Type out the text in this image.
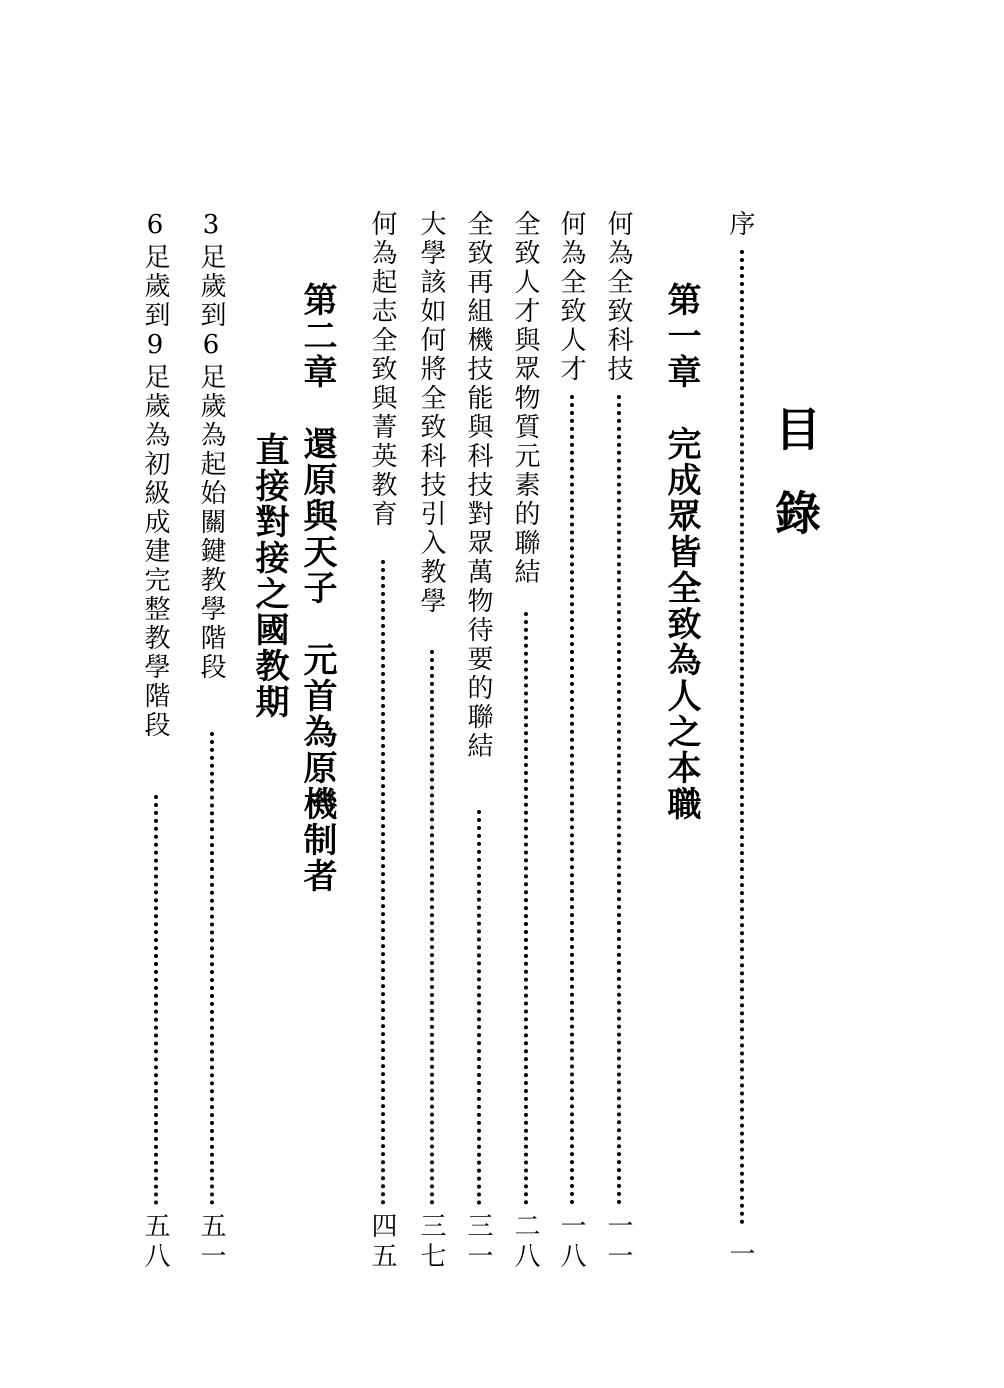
目錄
序
一
第一章完成眾皆全致為人之本職
何為全致科技
一一
何為全致人才
一八
全致人才與眾物質元素的聯結
二八
全致再組機技能與科技對眾萬物待要的聯結
三一
大學該如何將全致科技引入教學
三七
何為起志全致與菁英教育
四五
第二章還原與天子　元首為原機制者
直接對接之國教期
3足歲到6足歲為起始關鍵教學階段
五一
6足歲到9足歲為初級成建完整教學階段
五八
